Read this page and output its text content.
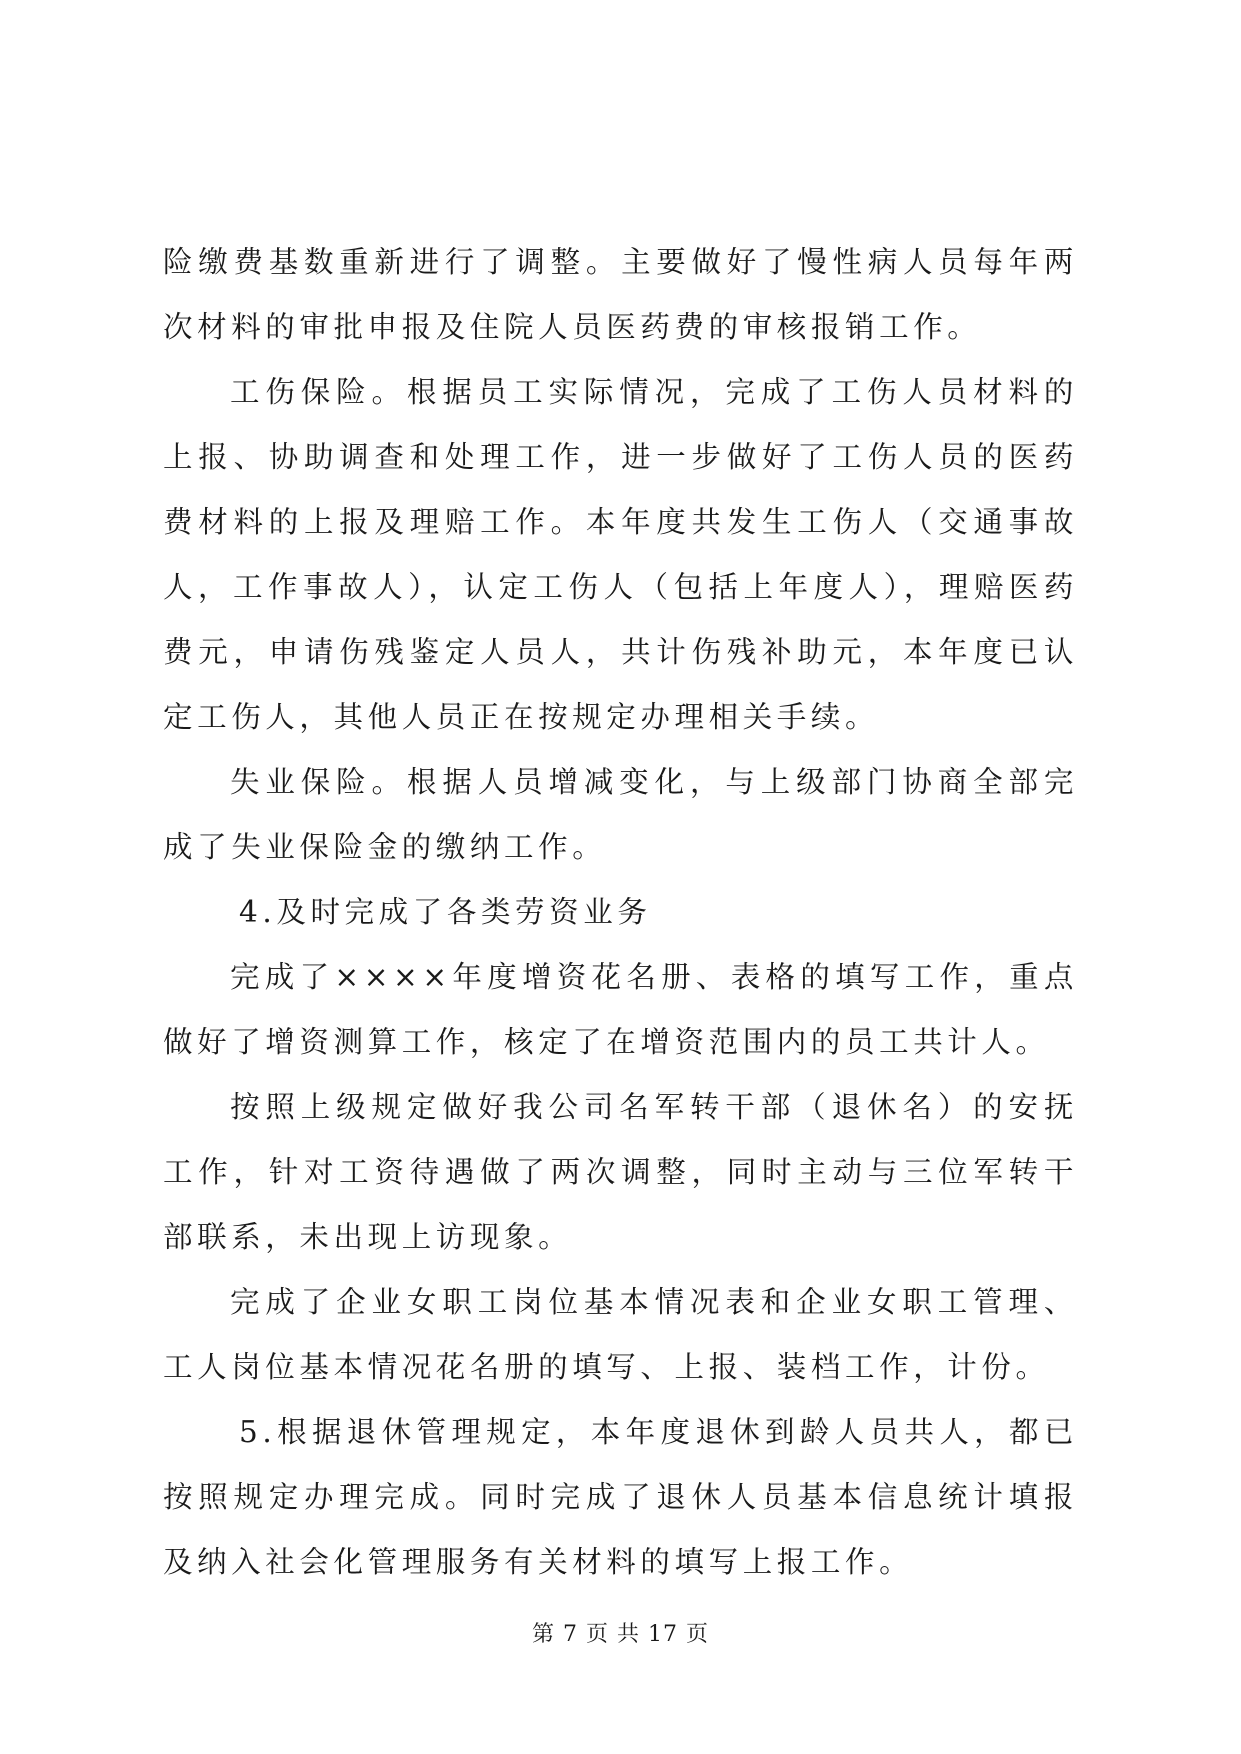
险缴费基数重新进行了调整。主要做好了慢性病人员每年两次材料的审批申报及住院人员医药费的审核报销工作。

工伤保险。根据员工实际情况，完成了工伤人员材料的上报、协助调查和处理工作，进一步做好了工伤人员的医药费材料的上报及理赔工作。本年度共发生工伤人（交通事故人，工作事故人），认定工伤人（包括上年度人），理赔医药费元，申请伤残鉴定人员人，共计伤残补助元，本年度已认定工伤人，其他人员正在按规定办理相关手续。

失业保险。根据人员增减变化，与上级部门协商全部完成了失业保险金的缴纳工作。

4.及时完成了各类劳资业务

完成了××××年度增资花名册、表格的填写工作，重点做好了增资测算工作，核定了在增资范围内的员工共计人。

按照上级规定做好我公司名军转干部（退休名）的安抚工作，针对工资待遇做了两次调整，同时主动与三位军转干部联系，未出现上访现象。

完成了企业女职工岗位基本情况表和企业女职工管理、工人岗位基本情况花名册的填写、上报、装档工作，计份。

5.根据退休管理规定，本年度退休到龄人员共人，都已按照规定办理完成。同时完成了退休人员基本信息统计填报及纳入社会化管理服务有关材料的填写上报工作。

第 7 页 共 17 页
